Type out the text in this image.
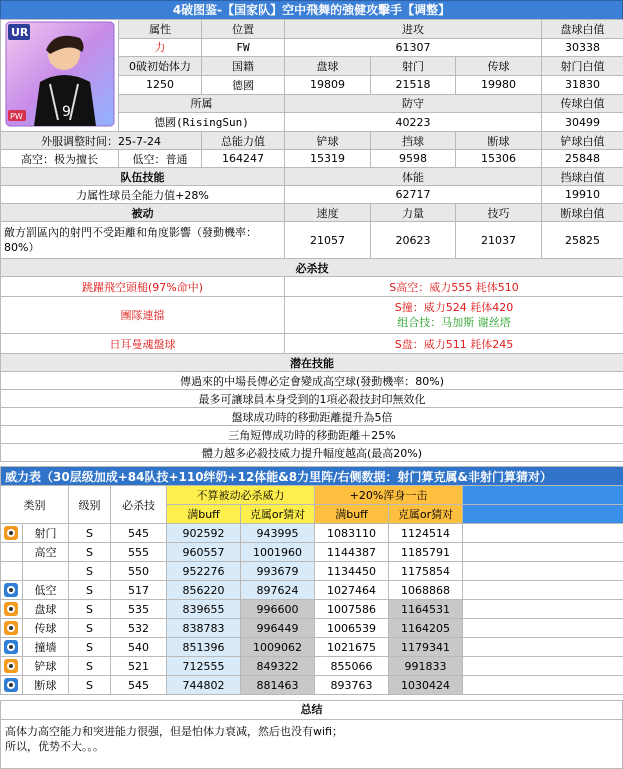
4破图鉴-【国家队】空中飛舞的強健攻擊手【调整】
9
UR
PW	属性	位置	进攻			盘球白值
	力	FW	61307			30338
	0破初始体力	国籍	盘球	射门	传球	射门白值
	1250	德國	19809	21518	19980	31830
	所属		防守			传球白值
	德國(RisingSun)		40223			30499
外服调整时间：25-7-24		总能力值	铲球	挡球	断球	铲球白值
高空：极为擅长	低空：普通	164247	15319	9598	15306	25848
队伍技能			体能			挡球白值
力属性球员全能力值+28%			62717			19910
被动			速度	力量	技巧	断球白值
敵方罰區內的射門不受距離和角度影響（發動機率：80%）			21057	20623	21037	25825
必杀技						
跳躍飛空頭槌(97%命中)			S高空：威力555 耗体510			
團隊連擋			S撞：威力524 耗体420
组合技：马加斯 谢丝塔			

日耳曼魂盤球			S盘：威力511 耗体245			
潜在技能						
傳過來的中場長傳必定會變成高空球(發動機率：80%)						
最多可讓球員本身受到的1項必殺技封印無效化						
盤球成功時的移動距離提升為5倍						
三角短傳成功時的移動距離＋25%						
體力越多必殺技威力提升幅度越高(最高20%)						
威力表（30层级加成+84队技+110绊奶+12体能&8力里阵/右侧数据：射门算克属&非射门算猜对）								
类别		级别	必杀技	不算被动必杀威力		+20%浑身一击		
				满buff	克属or猜对	满buff	克属or猜对	
	射门	S	545	902592	943995	1083110	1124514	
	高空	S	555	960557	1001960	1144387	1185791	
		S	550	952276	993679	1134450	1175854	
	低空	S	517	856220	897624	1027464	1068868	
	盘球	S	535	839655	996600	1007586	1164531	
	传球	S	532	838783	996449	1006539	1164205	
	撞墙	S	540	851396	1009062	1021675	1179341	
	铲球	S	521	712555	849322	855066	991833	
	断球	S	545	744802	881463	893763	1030424	
总结
高体力高空能力和突进能力很强，但是怕体力衰减，然后也没有wifi；
所以，优势不大。。。
